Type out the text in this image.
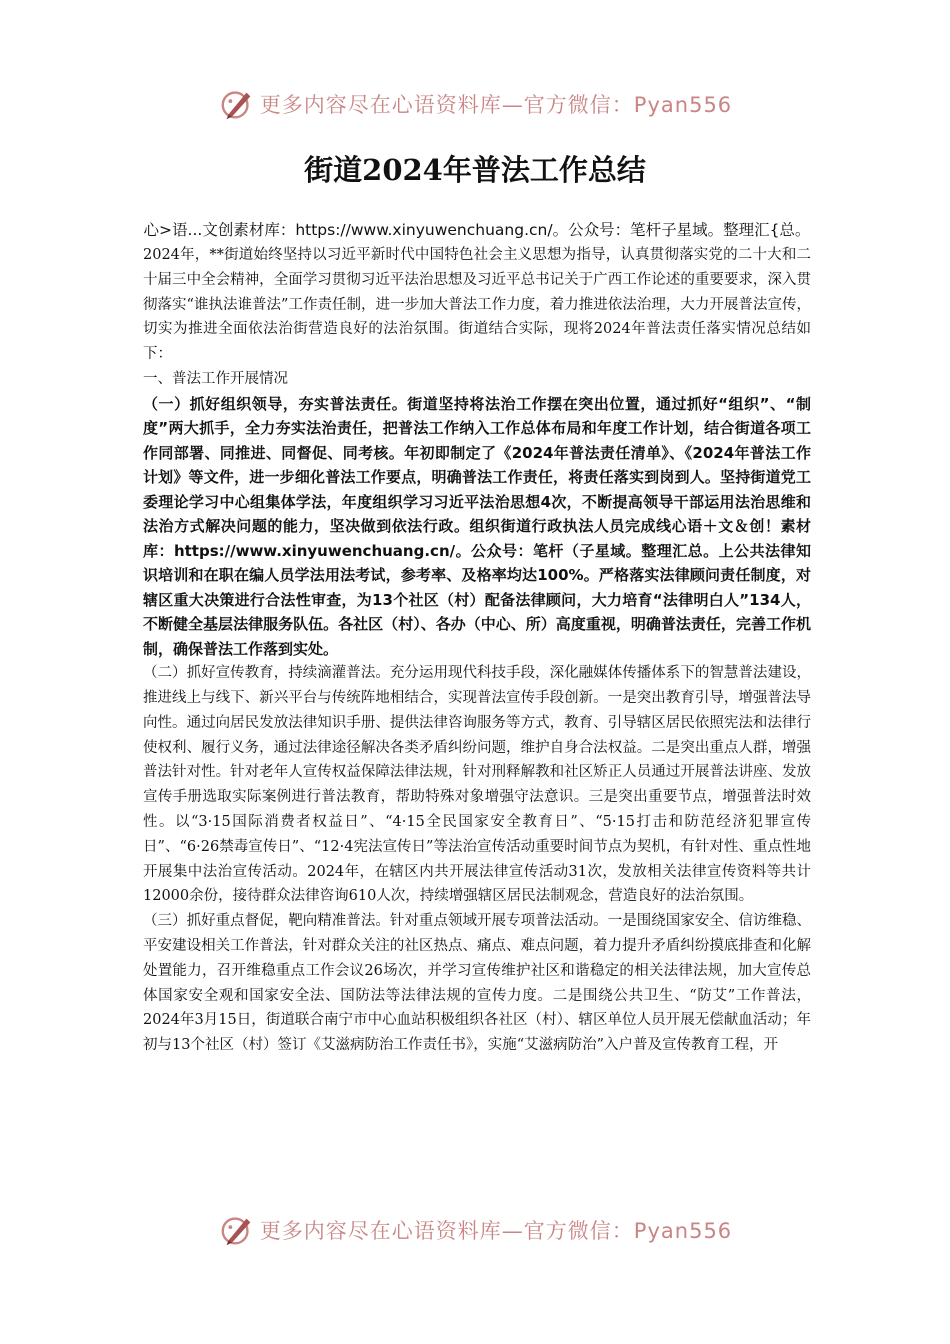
更多内容尽在心语资料库—官方微信：Pyan556
街道2024年普法工作总结
心>语...文创素材库：https://www.xinyuwenchuang.cn/。公众号：笔杆子星域。整理汇{总。

2024年，**街道始终坚持以习近平新时代中国特色社会主义思想为指导，认真贯彻落实党的二十大和二十届三中全会精神，全面学习贯彻习近平法治思想及习近平总书记关于广西工作论述的重要要求，深入贯彻落实“谁执法谁普法”工作责任制，进一步加大普法工作力度，着力推进依法治理，大力开展普法宣传，切实为推进全面依法治街营造良好的法治氛围。街道结合实际，现将2024年普法责任落实情况总结如下：

一、普法工作开展情况

（一）抓好组织领导，夯实普法责任。街道坚持将法治工作摆在突出位置，通过抓好“组织”、“制度”两大抓手，全力夯实法治责任，把普法工作纳入工作总体布局和年度工作计划，结合街道各项工作同部署、同推进、同督促、同考核。年初即制定了《2024年普法责任清单》、《2024年普法工作计划》等文件，进一步细化普法工作要点，明确普法工作责任，将责任落实到岗到人。坚持街道党工委理论学习中心组集体学法，年度组织学习习近平法治思想4次，不断提高领导干部运用法治思维和法治方式解决问题的能力，坚决做到依法行政。组织街道行政执法人员完成线心语＋文＆创！素材库：https://www.xinyuwenchuang.cn/。公众号：笔杆（子星域。整理汇总。上公共法律知识培训和在职在编人员学法用法考试，参考率、及格率均达100%。严格落实法律顾问责任制度，对辖区重大决策进行合法性审查，为13个社区（村）配备法律顾问，大力培育“法律明白人”134人，不断健全基层法律服务队伍。各社区（村）、各办（中心、所）高度重视，明确普法责任，完善工作机制，确保普法工作落到实处。

（二）抓好宣传教育，持续滴灌普法。充分运用现代科技手段，深化融媒体传播体系下的智慧普法建设，推进线上与线下、新兴平台与传统阵地相结合，实现普法宣传手段创新。一是突出教育引导，增强普法导向性。通过向居民发放法律知识手册、提供法律咨询服务等方式，教育、引导辖区居民依照宪法和法律行使权利、履行义务，通过法律途径解决各类矛盾纠纷问题，维护自身合法权益。二是突出重点人群，增强普法针对性。针对老年人宣传权益保障法律法规，针对刑释解教和社区矫正人员通过开展普法讲座、发放宣传手册选取实际案例进行普法教育，帮助特殊对象增强守法意识。三是突出重要节点，增强普法时效性。以“3·15国际消费者权益日”、“4·15全民国家安全教育日”、“5·15打击和防范经济犯罪宣传日”、“6·26禁毒宣传日”、“12·4宪法宣传日”等法治宣传活动重要时间节点为契机，有针对性、重点性地开展集中法治宣传活动。2024年，在辖区内共开展法律宣传活动31次，发放相关法律宣传资料等共计12000余份，接待群众法律咨询610人次，持续增强辖区居民法制观念，营造良好的法治氛围。

（三）抓好重点督促，靶向精准普法。针对重点领域开展专项普法活动。一是围绕国家安全、信访维稳、平安建设相关工作普法，针对群众关注的社区热点、痛点、难点问题，着力提升矛盾纠纷摸底排查和化解处置能力，召开维稳重点工作会议26场次，并学习宣传维护社区和谐稳定的相关法律法规，加大宣传总体国家安全观和国家安全法、国防法等法律法规的宣传力度。二是围绕公共卫生、“防艾”工作普法，2024年3月15日，街道联合南宁市中心血站积极组织各社区（村）、辖区单位人员开展无偿献血活动；年初与13个社区（村）签订《艾滋病防治工作责任书》，实施“艾滋病防治”入户普及宣传教育工程，开

更多内容尽在心语资料库—官方微信：Pyan556
